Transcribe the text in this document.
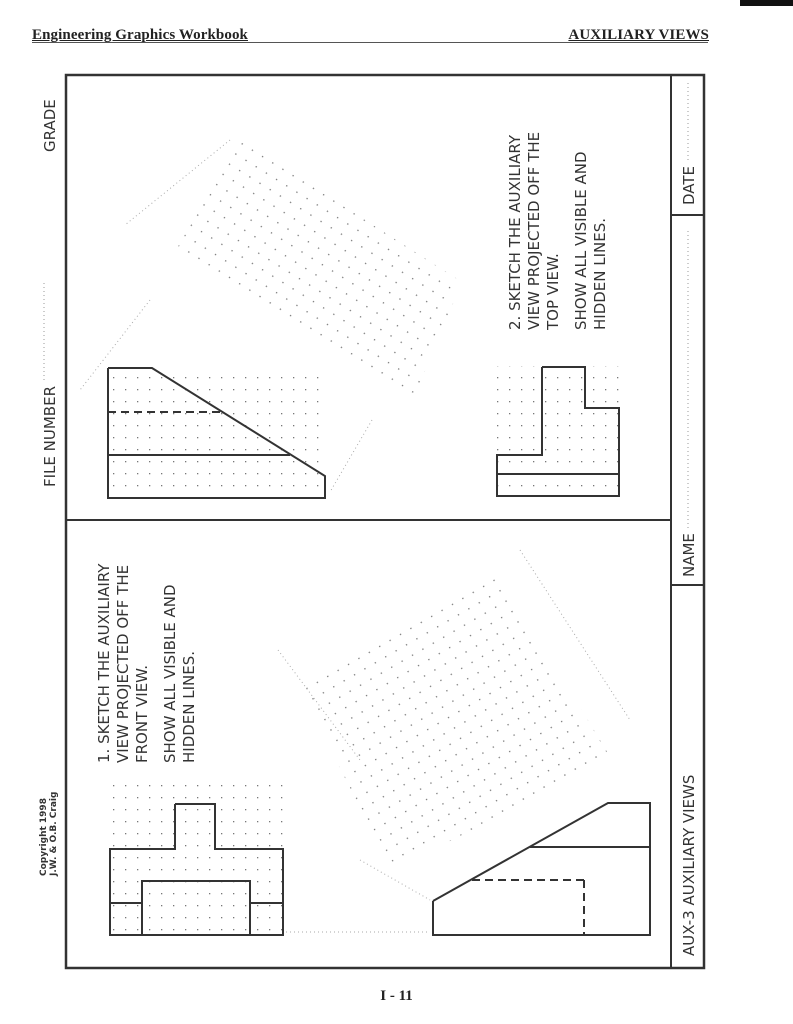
Engineering Graphics Workbook	AUXILIARY VIEWS
GRADE
FILE NUMBER
Copyright 1998 J.W. & O.B. Craig
1. SKETCH THE AUXILIAIRY VIEW PROJECTED OFF THE FRONT VIEW. SHOW ALL VISIBLE AND HIDDEN LINES.
2. SKETCH THE AUXILIARY VIEW PROJECTED OFF THE TOP VIEW. SHOW ALL VISIBLE AND HIDDEN LINES.
AUX-3 AUXILIARY VIEWS
NAME
DATE
I - 11
